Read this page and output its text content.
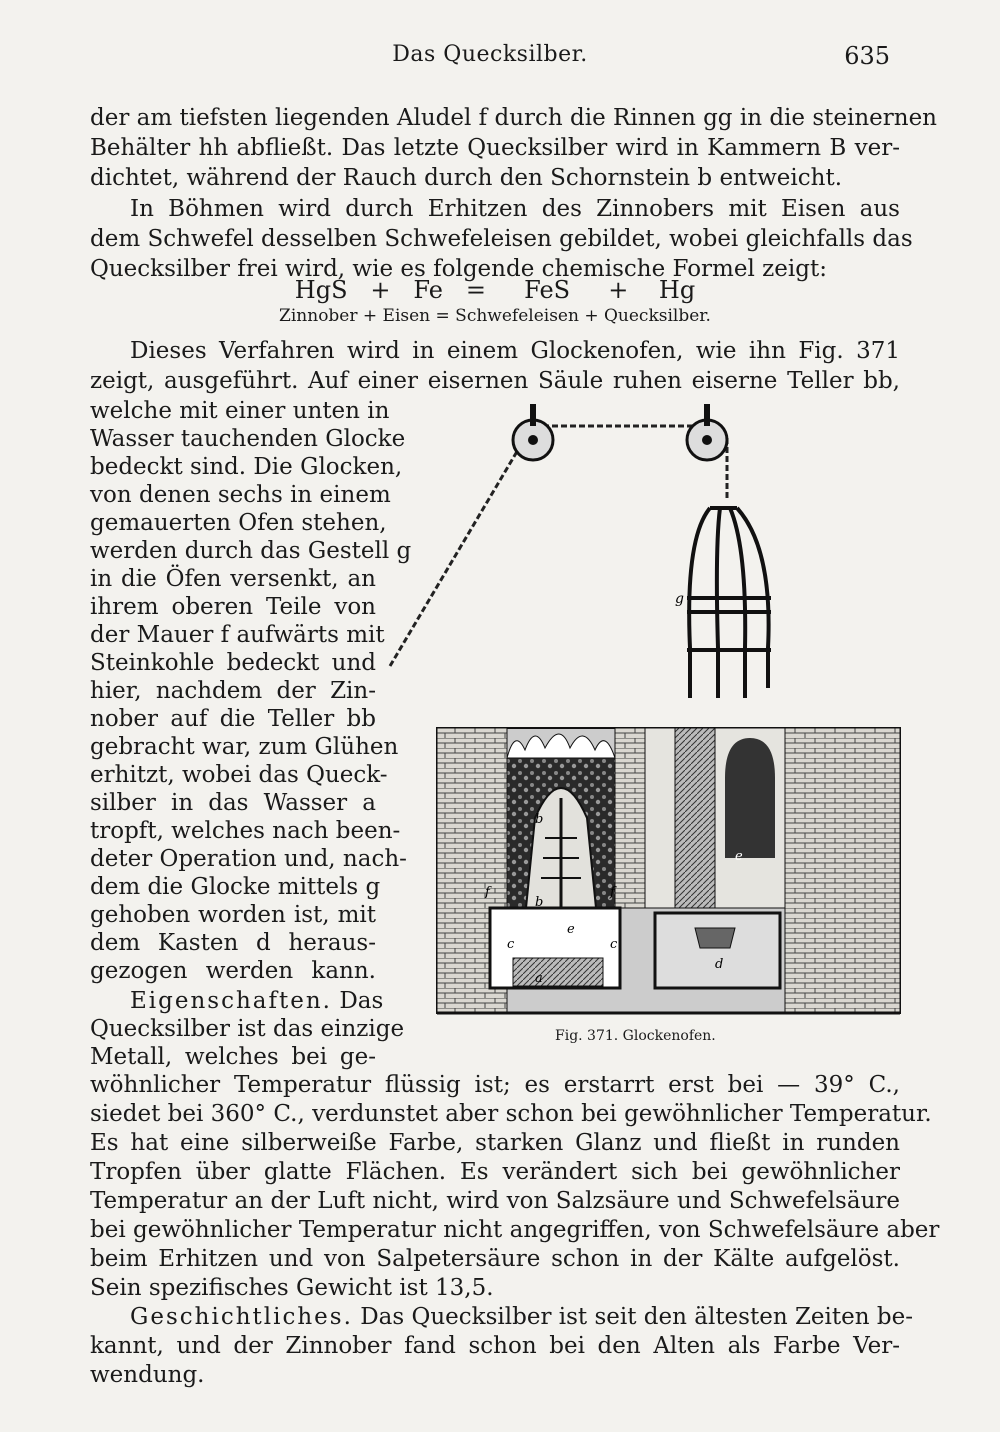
Das Quecksilber.	635
der am tiefsten liegenden Aludel f durch die Rinnen gg in die steinernen
Behälter hh abfließt. Das letzte Quecksilber wird in Kammern B ver-
dichtet, während der Rauch durch den Schornstein b entweicht.
In Böhmen wird durch Erhitzen des Zinnobers mit Eisen aus
dem Schwefel desselben Schwefeleisen gebildet, wobei gleichfalls das
Quecksilber frei wird, wie es folgende chemische Formel zeigt:
HgS + Fe = FeS + Hg
Zinnober + Eisen = Schwefeleisen + Quecksilber.
Dieses Verfahren wird in einem Glockenofen, wie ihn Fig. 371
zeigt, ausgeführt. Auf einer eisernen Säule ruhen eiserne Teller bb,
welche mit einer unten in
Wasser tauchenden Glocke
bedeckt sind. Die Glocken,
von denen sechs in einem
gemauerten Ofen stehen,
werden durch das Gestell g
in die Öfen versenkt, an
ihrem oberen Teile von
der Mauer f aufwärts mit
Steinkohle bedeckt und
hier, nachdem der Zin-
nober auf die Teller bb
gebracht war, zum Glühen
erhitzt, wobei das Queck-
silber in das Wasser a
tropft, welches nach been-
deter Operation und, nach-
dem die Glocke mittels g
gehoben worden ist, mit
dem Kasten d heraus-
gezogen werden kann.
Eigenschaften. Das
Quecksilber ist das einzige
Metall, welches bei ge-
wöhnlicher Temperatur flüssig ist; es erstarrt erst bei — 39° C.,
siedet bei 360° C., verdunstet aber schon bei gewöhnlicher Temperatur.
Es hat eine silberweiße Farbe, starken Glanz und fließt in runden
Tropfen über glatte Flächen. Es verändert sich bei gewöhnlicher
Temperatur an der Luft nicht, wird von Salzsäure und Schwefelsäure
bei gewöhnlicher Temperatur nicht angegriffen, von Schwefelsäure aber
beim Erhitzen und von Salpetersäure schon in der Kälte aufgelöst.
Sein spezifisches Gewicht ist 13,5.
Geschichtliches. Das Quecksilber ist seit den ältesten Zeiten be-
kannt, und der Zinnober fand schon bei den Alten als Farbe Ver-
wendung.
g
b
b
c	c
e
f	f
a
e
d
Fig. 371. Glockenofen.
